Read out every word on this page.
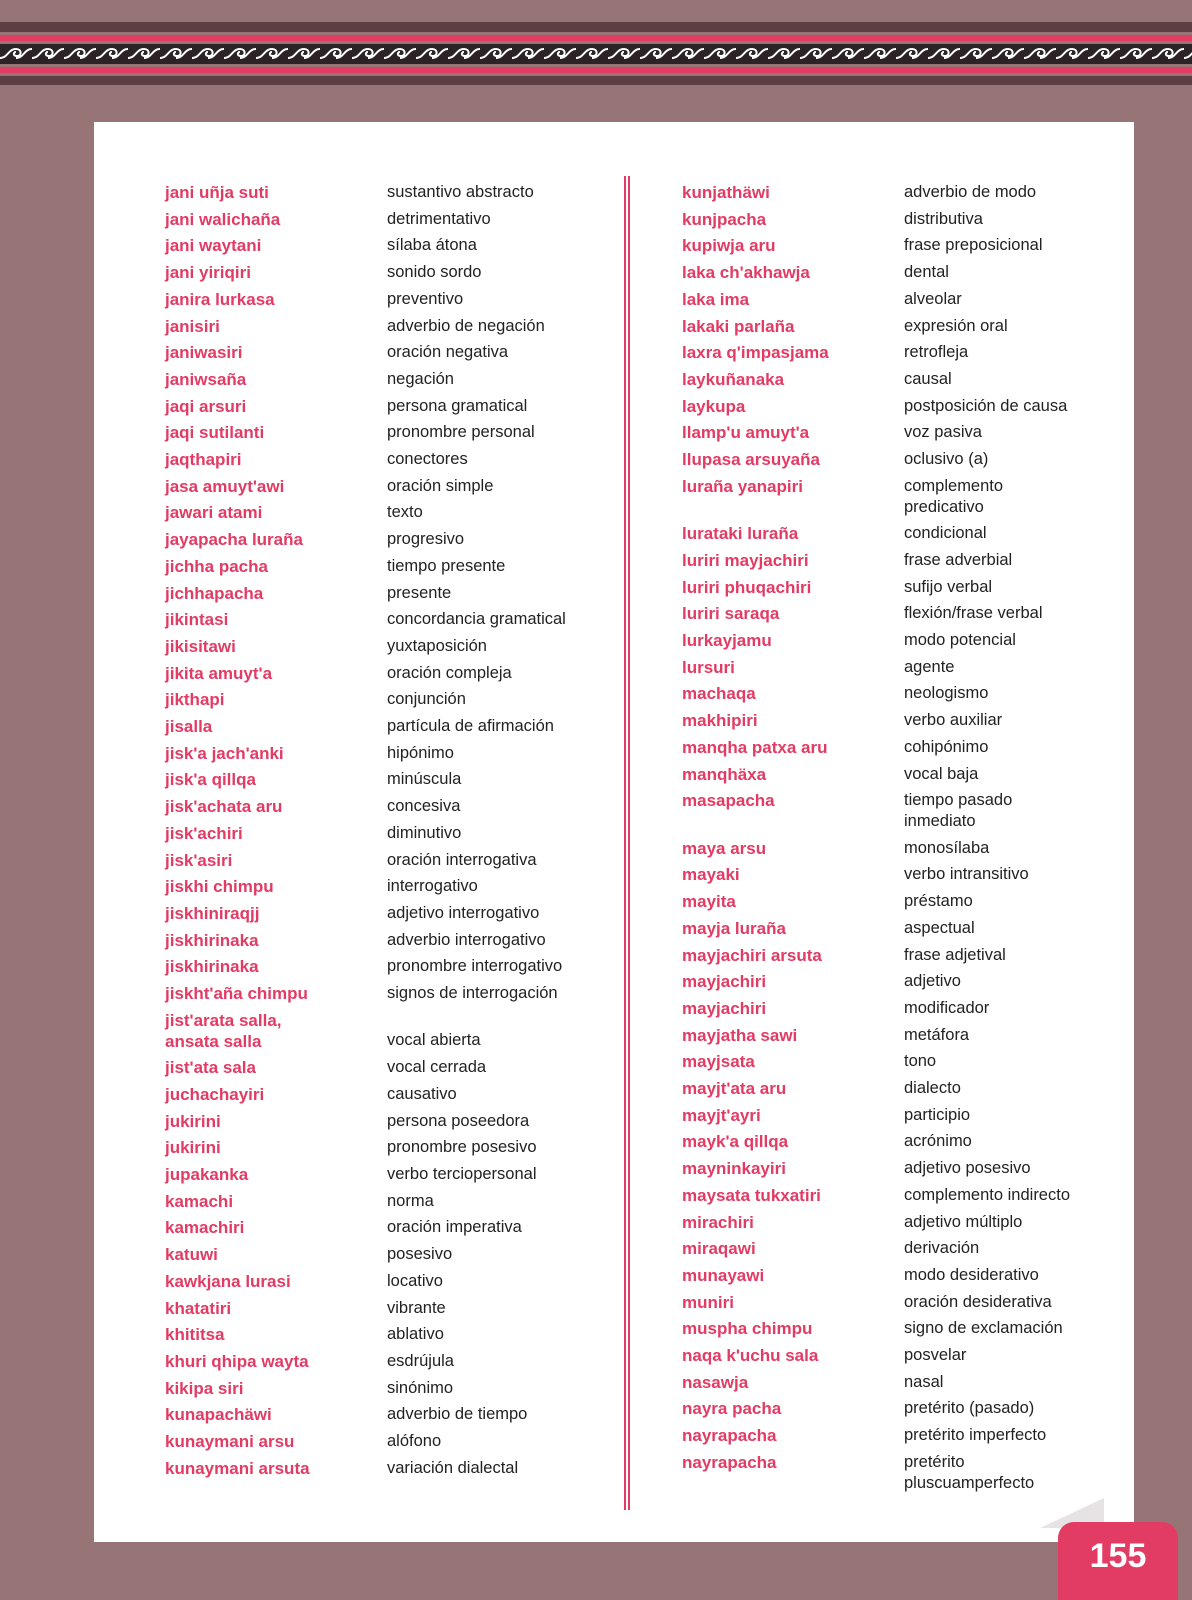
jani uñja suti	sustantivo abstracto
jani walichaña	detrimentativo
jani waytani	sílaba átona
jani yiriqiri	sonido sordo
janira lurkasa	preventivo
janisiri	adverbio de negación
janiwasiri	oración negativa
janiwsaña	negación
jaqi arsuri	persona gramatical
jaqi sutilanti	pronombre personal
jaqthapiri	conectores
jasa amuyt'awi	oración simple
jawari atami	texto
jayapacha luraña	progresivo
jichha pacha	tiempo presente
jichhapacha	presente
jikintasi	concordancia gramatical
jikisitawi	yuxtaposición
jikita amuyt'a	oración compleja
jikthapi	conjunción
jisalla	partícula de afirmación
jisk'a jach'anki	hipónimo
jisk'a qillqa	minúscula
jisk'achata aru	concesiva
jisk'achiri	diminutivo
jisk'asiri	oración interrogativa
jiskhi chimpu	interrogativo
jiskhiniraqjj	adjetivo interrogativo
jiskhirinaka	adverbio interrogativo
jiskhirinaka	pronombre interrogativo
jiskht'aña chimpu	signos de interrogación
jist'arata salla,
ansata salla	vocal abierta
jist'ata sala	vocal cerrada
juchachayiri	causativo
jukirini	persona poseedora
jukirini	pronombre posesivo
jupakanka	verbo terciopersonal
kamachi	norma
kamachiri	oración imperativa
katuwi	posesivo
kawkjana lurasi	locativo
khatatiri	vibrante
khititsa	ablativo
khuri qhipa wayta	esdrújula
kikipa siri	sinónimo
kunapachäwi	adverbio de tiempo
kunaymani arsu	alófono
kunaymani arsuta	variación dialectal
kunjathäwi	adverbio de modo
kunjpacha	distributiva
kupiwja aru	frase preposicional
laka ch'akhawja	dental
laka ima	alveolar
lakaki parlaña	expresión oral
laxra q'impasjama	retrofleja
laykuñanaka	causal
laykupa	postposición de causa
llamp'u amuyt'a	voz pasiva
llupasa arsuyaña	oclusivo (a)
luraña yanapiri	complemento
predicativo
lurataki luraña	condicional
luriri mayjachiri	frase adverbial
luriri phuqachiri	sufijo verbal
luriri saraqa	flexión/frase verbal
lurkayjamu	modo potencial
lursuri	agente
machaqa	neologismo
makhipiri	verbo auxiliar
manqha patxa aru	cohipónimo
manqhäxa	vocal baja
masapacha	tiempo pasado
inmediato
maya arsu	monosílaba
mayaki	verbo intransitivo
mayita	préstamo
mayja luraña	aspectual
mayjachiri arsuta	frase adjetival
mayjachiri	adjetivo
mayjachiri	modificador
mayjatha sawi	metáfora
mayjsata	tono
mayjt'ata aru	dialecto
mayjt'ayri	participio
mayk'a qillqa	acrónimo
mayninkayiri	adjetivo posesivo
maysata tukxatiri	complemento indirecto
mirachiri	adjetivo múltiplo
miraqawi	derivación
munayawi	modo desiderativo
muniri	oración desiderativa
muspha chimpu	signo de exclamación
naqa k'uchu sala	posvelar
nasawja	nasal
nayra pacha	pretérito (pasado)
nayrapacha	pretérito imperfecto
nayrapacha	pretérito
pluscuamperfecto
155
